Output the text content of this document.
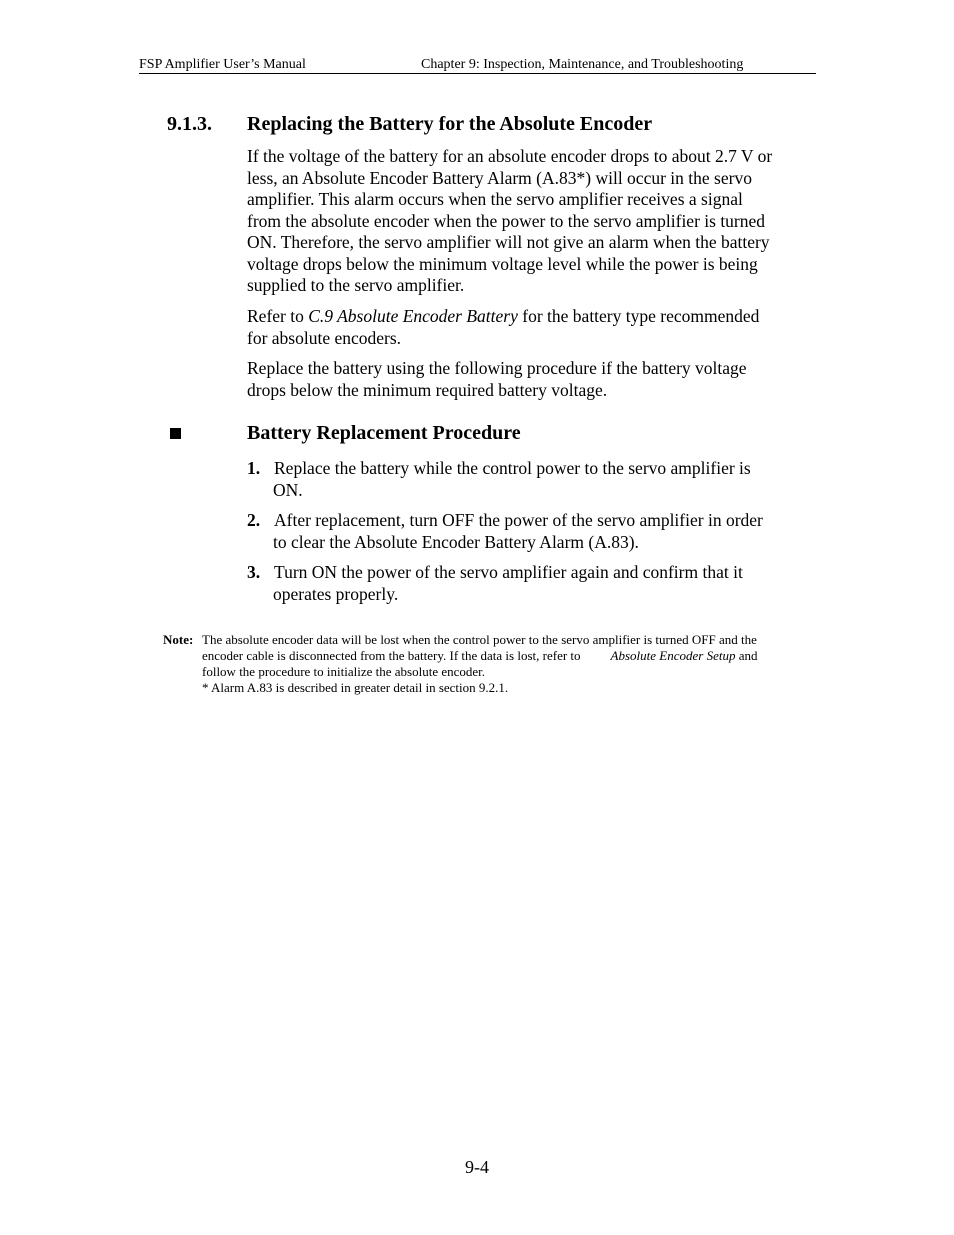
FSP Amplifier User’s Manual	Chapter 9: Inspection, Maintenance, and Troubleshooting
9.1.3. Replacing the Battery for the Absolute Encoder
If the voltage of the battery for an absolute encoder drops to about 2.7 V or
less, an Absolute Encoder Battery Alarm (A.83*) will occur in the servo
amplifier. This alarm occurs when the servo amplifier receives a signal
from the absolute encoder when the power to the servo amplifier is turned
ON. Therefore, the servo amplifier will not give an alarm when the battery
voltage drops below the minimum voltage level while the power is being
supplied to the servo amplifier.
Refer to C.9 Absolute Encoder Battery for the battery type recommended
for absolute encoders.
Replace the battery using the following procedure if the battery voltage
drops below the minimum required battery voltage.
Battery Replacement Procedure
1. Replace the battery while the control power to the servo amplifier is
ON.
2. After replacement, turn OFF the power of the servo amplifier in order
to clear the Absolute Encoder Battery Alarm (A.83).
3. Turn ON the power of the servo amplifier again and confirm that it
operates properly.
Note: The absolute encoder data will be lost when the control power to the servo amplifier is turned OFF and the
encoder cable is disconnected from the battery. If the data is lost, refer to Absolute Encoder Setup and
follow the procedure to initialize the absolute encoder.
* Alarm A.83 is described in greater detail in section 9.2.1.
9-4
